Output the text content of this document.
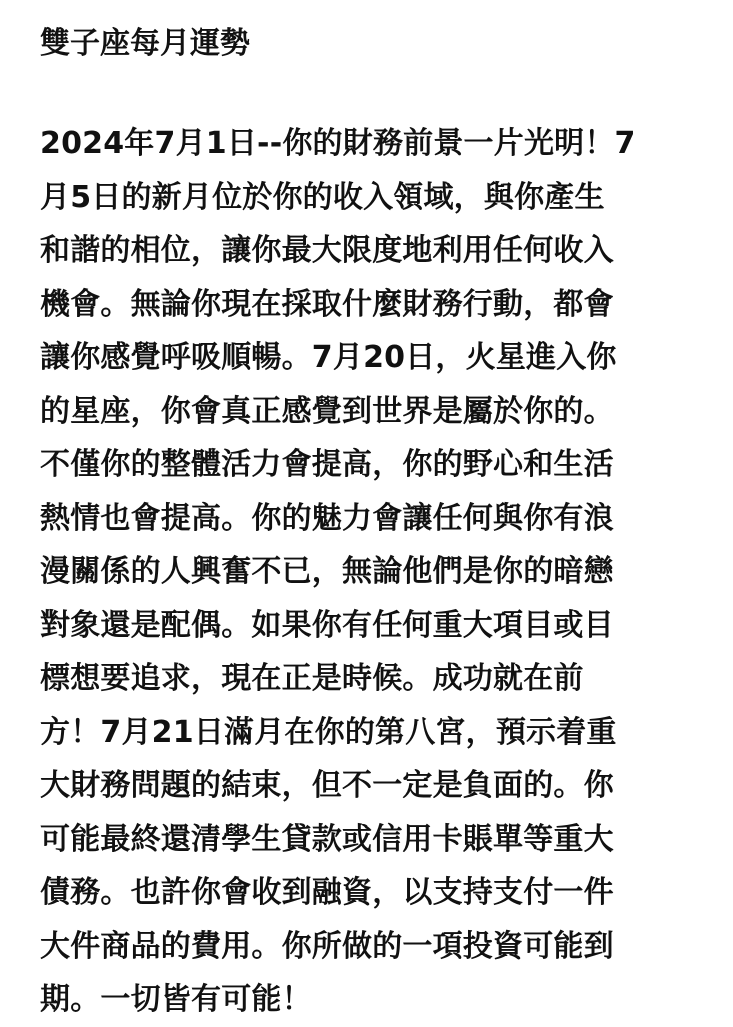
雙子座每月運勢
2024年7月1日--你的財務前景一片光明！7
月5日的新月位於你的收入領域，與你產生
和諧的相位，讓你最大限度地利用任何收入
機會。無論你現在採取什麼財務行動，都會
讓你感覺呼吸順暢。7月20日，火星進入你
的星座，你會真正感覺到世界是屬於你的。
不僅你的整體活力會提高，你的野心和生活
熱情也會提高。你的魅力會讓任何與你有浪
漫關係的人興奮不已，無論他們是你的暗戀
對象還是配偶。如果你有任何重大項目或目
標想要追求，現在正是時候。成功就在前
方！7月21日滿月在你的第八宮，預示着重
大財務問題的結束，但不一定是負面的。你
可能最終還清學生貸款或信用卡賬單等重大
債務。也許你會收到融資，以支持支付一件
大件商品的費用。你所做的一項投資可能到
期。一切皆有可能！
